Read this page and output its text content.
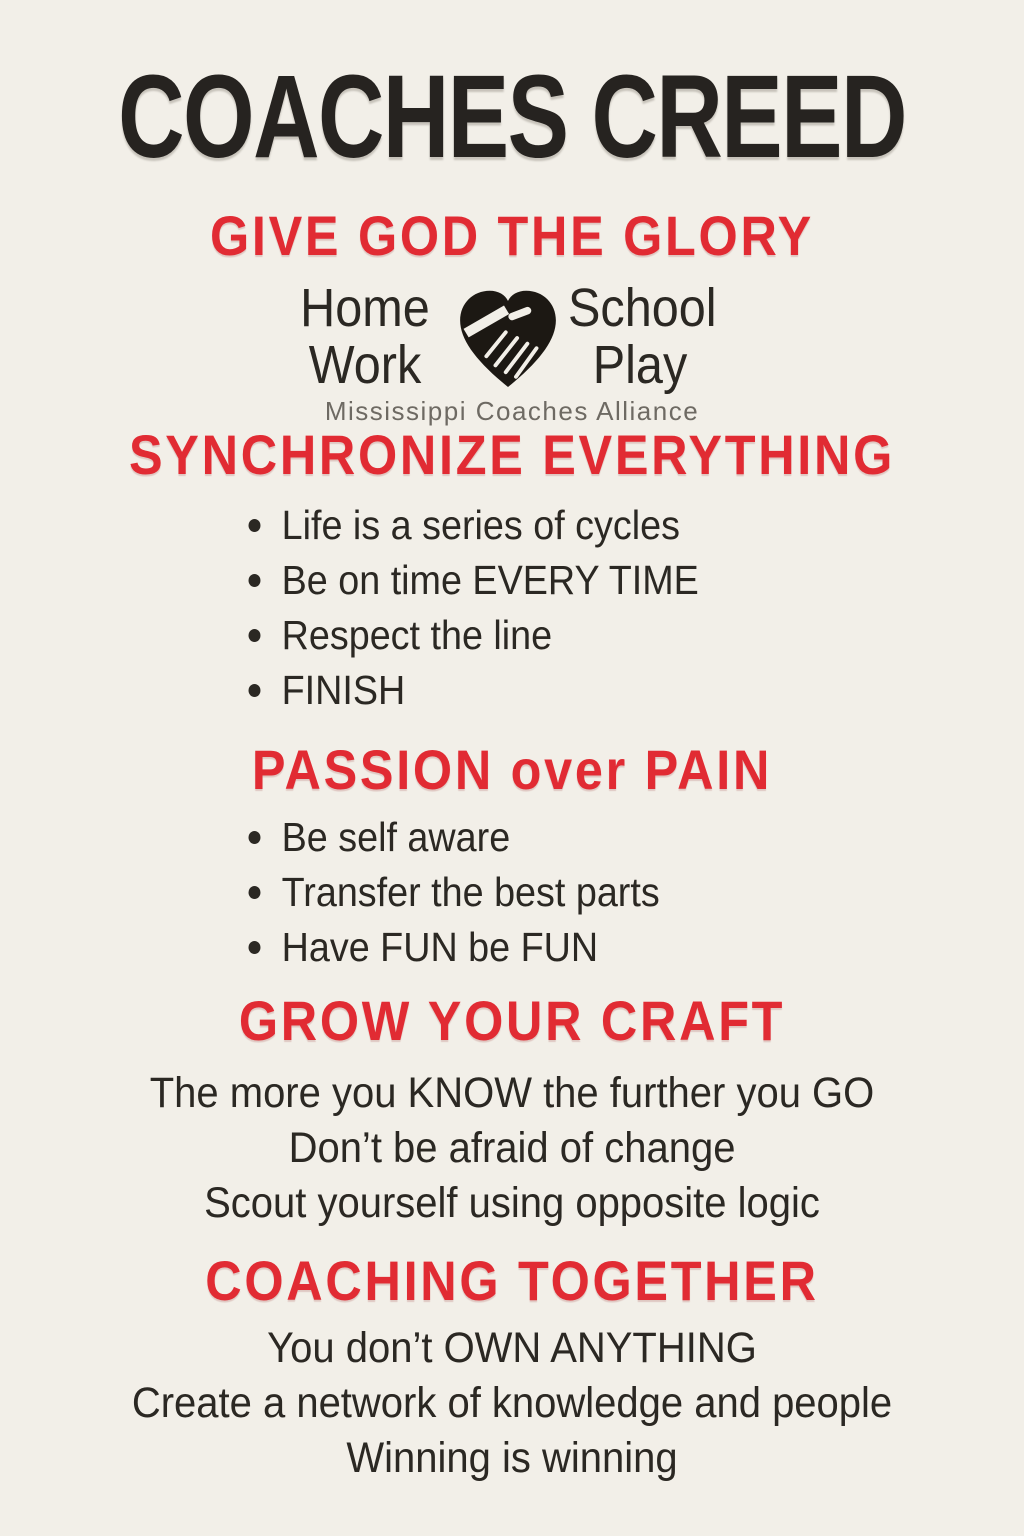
COACHES CREED
GIVE GOD THE GLORY
Home
Work
School
Play
Mississippi Coaches Alliance
SYNCHRONIZE EVERYTHING
Life is a series of cycles
Be on time EVERY TIME
Respect the line
FINISH
PASSION over PAIN
Be self aware
Transfer the best parts
Have FUN be FUN
GROW YOUR CRAFT
The more you KNOW the further you GO
Don’t be afraid of change
Scout yourself using opposite logic
COACHING TOGETHER
You don’t OWN ANYTHING
Create a network of knowledge and people
Winning is winning
